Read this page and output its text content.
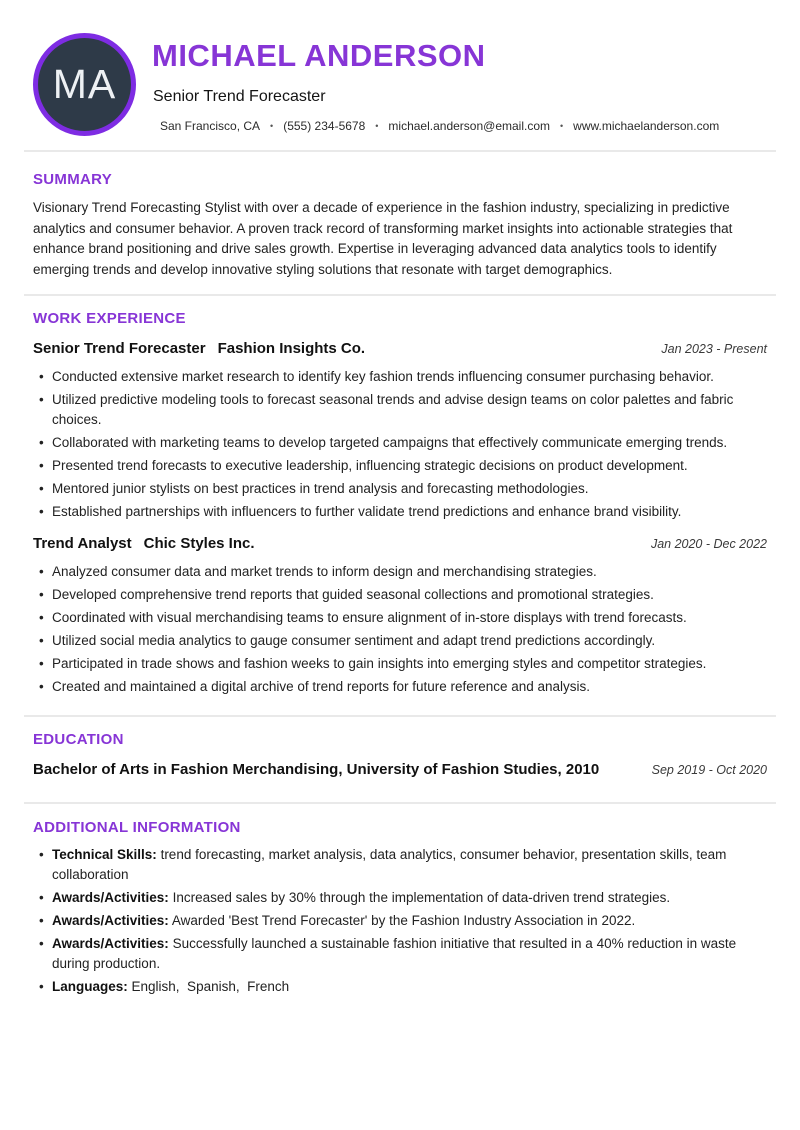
MA
MICHAEL ANDERSON
Senior Trend Forecaster
San Francisco, CA • (555) 234-5678 • michael.anderson@email.com • www.michaelanderson.com
SUMMARY

Visionary Trend Forecasting Stylist with over a decade of experience in the fashion industry, specializing in predictive analytics and consumer behavior. A proven track record of transforming market insights into actionable strategies that enhance brand positioning and drive sales growth. Expertise in leveraging advanced data analytics tools to identify emerging trends and develop innovative styling solutions that resonate with target demographics.

WORK EXPERIENCE
Senior Trend Forecaster Fashion Insights Co.	Jan 2023 - Present
• Conducted extensive market research to identify key fashion trends influencing consumer purchasing behavior.
• Utilized predictive modeling tools to forecast seasonal trends and advise design teams on color palettes and fabric choices.
• Collaborated with marketing teams to develop targeted campaigns that effectively communicate emerging trends.
• Presented trend forecasts to executive leadership, influencing strategic decisions on product development.
• Mentored junior stylists on best practices in trend analysis and forecasting methodologies.
• Established partnerships with influencers to further validate trend predictions and enhance brand visibility.
Trend Analyst Chic Styles Inc.	Jan 2020 - Dec 2022
• Analyzed consumer data and market trends to inform design and merchandising strategies.
• Developed comprehensive trend reports that guided seasonal collections and promotional strategies.
• Coordinated with visual merchandising teams to ensure alignment of in-store displays with trend forecasts.
• Utilized social media analytics to gauge consumer sentiment and adapt trend predictions accordingly.
• Participated in trade shows and fashion weeks to gain insights into emerging styles and competitor strategies.
• Created and maintained a digital archive of trend reports for future reference and analysis.
EDUCATION
Bachelor of Arts in Fashion Merchandising, University of Fashion Studies, 2010	Sep 2019 - Oct 2020
ADDITIONAL INFORMATION
• Technical Skills: trend forecasting, market analysis, data analytics, consumer behavior, presentation skills, team collaboration
• Awards/Activities: Increased sales by 30% through the implementation of data-driven trend strategies.
• Awards/Activities: Awarded 'Best Trend Forecaster' by the Fashion Industry Association in 2022.
• Awards/Activities: Successfully launched a sustainable fashion initiative that resulted in a 40% reduction in waste during production.
• Languages: English,  Spanish,  French
